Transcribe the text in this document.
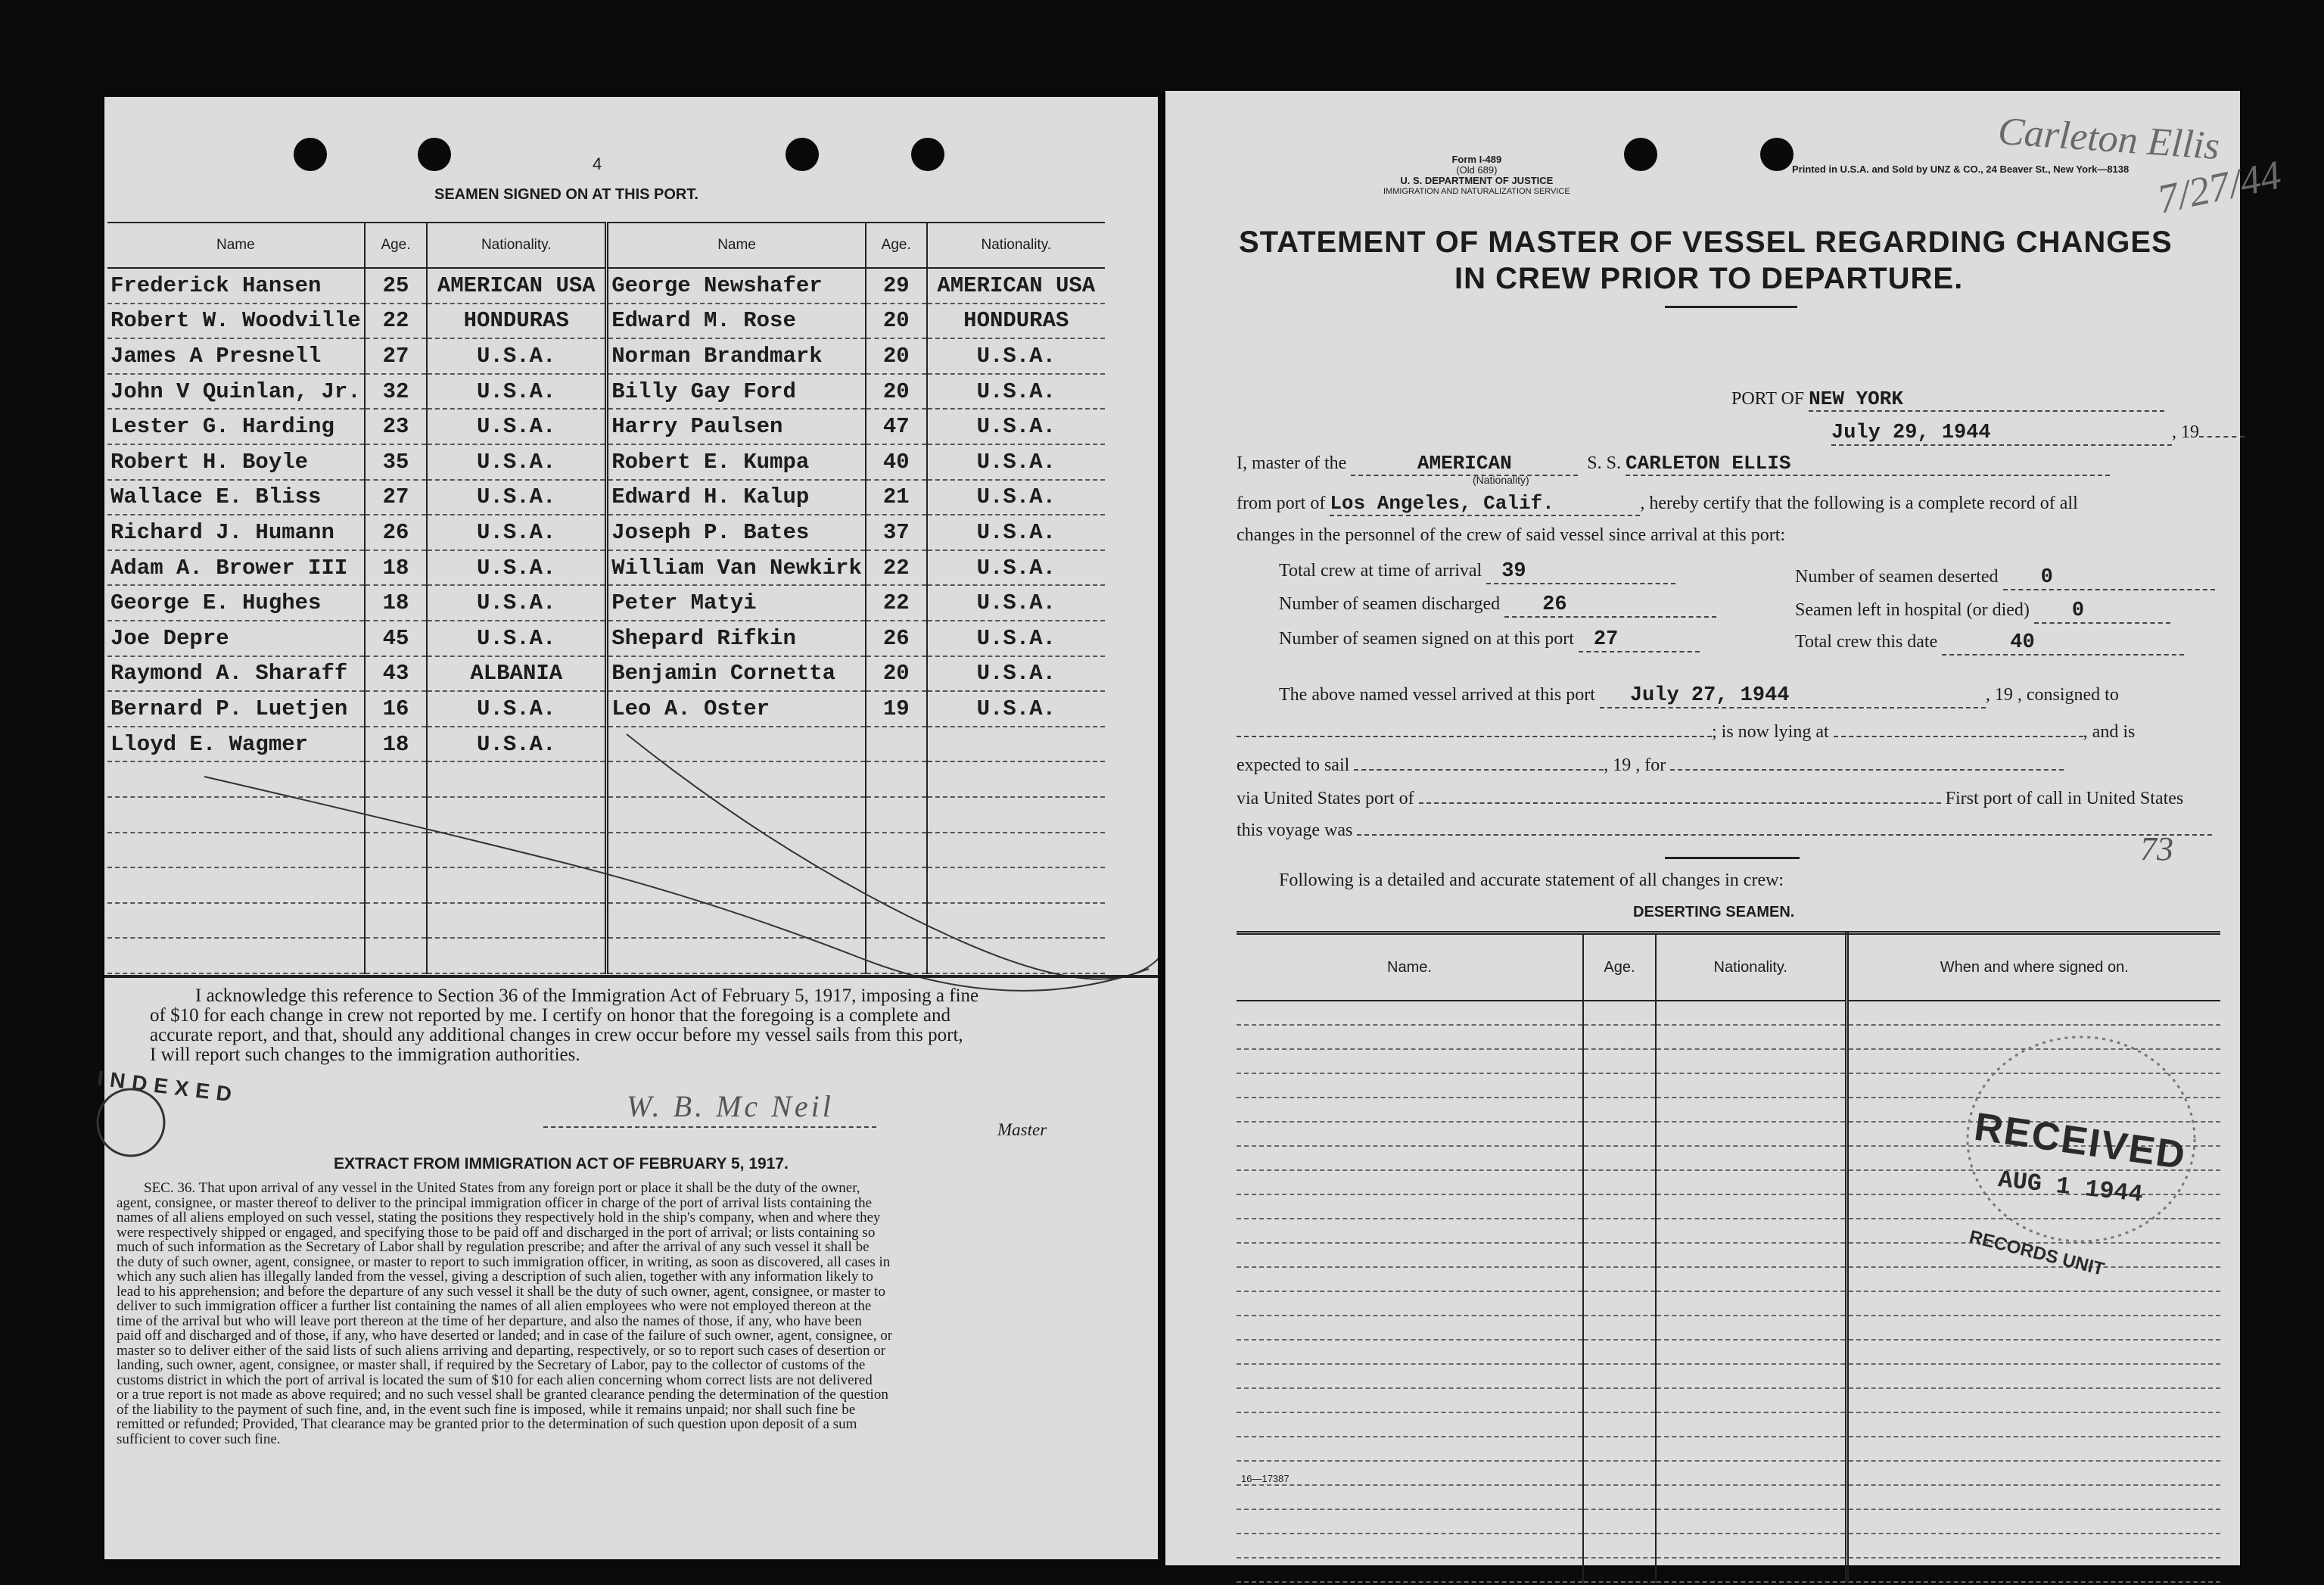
4
SEAMEN SIGNED ON AT THIS PORT.
Name	Age.	Nationality.	Name	Age.	Nationality.
Frederick Hansen	25	AMERICAN USA	George Newshafer	29	AMERICAN USA
Robert W. Woodville	22	HONDURAS	Edward M. Rose	20	HONDURAS
James A Presnell	27	U.S.A.	Norman Brandmark	20	U.S.A.
John V Quinlan, Jr.	32	U.S.A.	Billy Gay Ford	20	U.S.A.
Lester G. Harding	23	U.S.A.	Harry Paulsen	47	U.S.A.
Robert H. Boyle	35	U.S.A.	Robert E. Kumpa	40	U.S.A.
Wallace E. Bliss	27	U.S.A.	Edward H. Kalup	21	U.S.A.
Richard J. Humann	26	U.S.A.	Joseph P. Bates	37	U.S.A.
Adam A. Brower III	18	U.S.A.	William Van Newkirk	22	U.S.A.
George E. Hughes	18	U.S.A.	Peter Matyi	22	U.S.A.
Joe Depre	45	U.S.A.	Shepard Rifkin	26	U.S.A.
Raymond A. Sharaff	43	ALBANIA	Benjamin Cornetta	20	U.S.A.
Bernard P. Luetjen	16	U.S.A.	Leo A. Oster	19	U.S.A.
Lloyd E. Wagmer	18	U.S.A.			

I acknowledge this reference to Section 36 of the Immigration Act of February 5, 1917, imposing a fine
of $10 for each change in crew not reported by me. I certify on honor that the foregoing is a complete and
accurate report, and that, should any additional changes in crew occur before my vessel sails from this port,
I will report such changes to the immigration authorities.
INDEXED	W. B. Mc Neil
Master
EXTRACT FROM IMMIGRATION ACT OF FEBRUARY 5, 1917.
SEC. 36. That upon arrival of any vessel in the United States from any foreign port or place it shall be the duty of the owner,
agent, consignee, or master thereof to deliver to the principal immigration officer in charge of the port of arrival lists containing the
names of all aliens employed on such vessel, stating the positions they respectively hold in the ship's company, when and where they
were respectively shipped or engaged, and specifying those to be paid off and discharged in the port of arrival; or lists containing so
much of such information as the Secretary of Labor shall by regulation prescribe; and after the arrival of any such vessel it shall be
the duty of such owner, agent, consignee, or master to report to such immigration officer, in writing, as soon as discovered, all cases in
which any such alien has illegally landed from the vessel, giving a description of such alien, together with any information likely to
lead to his apprehension; and before the departure of any such vessel it shall be the duty of such owner, agent, consignee, or master to
deliver to such immigration officer a further list containing the names of all alien employees who were not employed thereon at the
time of the arrival but who will leave port thereon at the time of her departure, and also the names of those, if any, who have been
paid off and discharged and of those, if any, who have deserted or landed; and in case of the failure of such owner, agent, consignee, or
master so to deliver either of the said lists of such aliens arriving and departing, respectively, or so to report such cases of desertion or
landing, such owner, agent, consignee, or master shall, if required by the Secretary of Labor, pay to the collector of customs of the
customs district in which the port of arrival is located the sum of $10 for each alien concerning whom correct lists are not delivered
or a true report is not made as above required; and no such vessel shall be granted clearance pending the determination of the question
of the liability to the payment of such fine, and, in the event such fine is imposed, while it remains unpaid; nor shall such fine be
remitted or refunded; Provided, That clearance may be granted prior to the determination of such question upon deposit of a sum
sufficient to cover such fine.
Form I-489
(Old 689)
U. S. DEPARTMENT OF JUSTICE
IMMIGRATION AND NATURALIZATION SERVICE
Printed in U.S.A. and Sold by UNZ & CO., 24 Beaver St., New York—8138
Carleton Ellis
7/27/44
STATEMENT OF MASTER OF VESSEL REGARDING CHANGES
IN CREW PRIOR TO DEPARTURE.
PORT OF NEW YORK
July 29, 1944	, 19
I, master of the	AMERICAN	S. S. CARLETON ELLIS
(Nationality)
from port of Los Angeles, Calif.	, hereby certify that the following is a complete record of all
changes in the personnel of the crew of said vessel since arrival at this port:
Total crew at time of arrival 39	Number of seamen deserted 0
Number of seamen discharged 26	Seamen left in hospital (or died) 0
Number of seamen signed on at this port 27	Total crew this date	40
The above named vessel arrived at this port July 27, 1944	, 19 , consigned to
; is now lying at	, and is
expected to sail	, 19 , for
via United States port of	First port of call in United States
this voyage was	73
Following is a detailed and accurate statement of all changes in crew:
DESERTING SEAMEN.
Name.	Age.	Nationality.	When and where signed on.

RECEIVED
AUG 1 1944
RECORDS UNIT
16—17387
